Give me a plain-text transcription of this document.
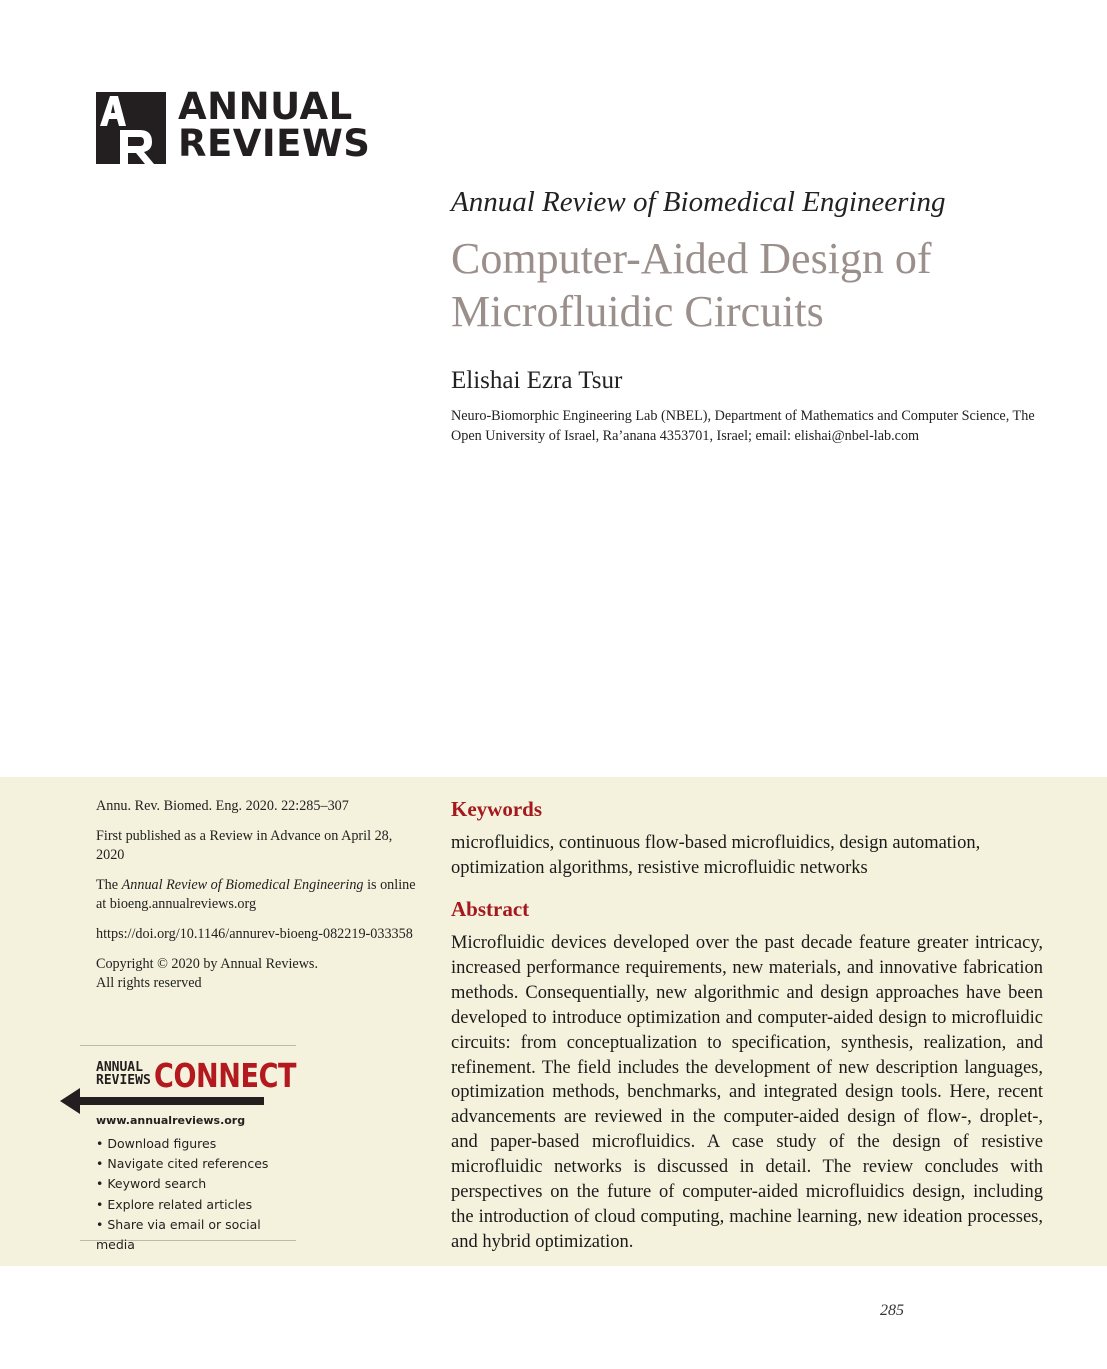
ANNUAL
REVIEWS
Annual Review of Biomedical Engineering
Computer-Aided Design of Microfluidic Circuits
Elishai Ezra Tsur
Neuro-Biomorphic Engineering Lab (NBEL), Department of Mathematics and Computer Science, The Open University of Israel, Ra’anana 4353701, Israel; email: elishai@nbel-lab.com

Annu. Rev. Biomed. Eng. 2020. 22:285–307

First published as a Review in Advance on April 28, 2020

The Annual Review of Biomedical Engineering is online at bioeng.annualreviews.org

https://doi.org/10.1146/annurev-bioeng-082219-033358

Copyright © 2020 by Annual Reviews.
All rights reserved

ANNUAL
REVIEWS CONNECT
www.annualreviews.org
• Download figures
• Navigate cited references
• Keyword search
• Explore related articles
• Share via email or social media
Keywords
microfluidics, continuous flow-based microfluidics, design automation, optimization algorithms, resistive microfluidic networks
Abstract
Microfluidic devices developed over the past decade feature greater intricacy, increased performance requirements, new materials, and innovative fabrication methods. Consequentially, new algorithmic and design approaches have been developed to introduce optimization and computer-aided design to microfluidic circuits: from conceptualization to specification, synthesis, realization, and refinement. The field includes the development of new description languages, optimization methods, benchmarks, and integrated design tools. Here, recent advancements are reviewed in the computer-aided design of flow-, droplet-, and paper-based microfluidics. A case study of the design of resistive microfluidic networks is discussed in detail. The review concludes with perspectives on the future of computer-aided microfluidics design, including the introduction of cloud computing, machine learning, new ideation processes, and hybrid optimization.
285
